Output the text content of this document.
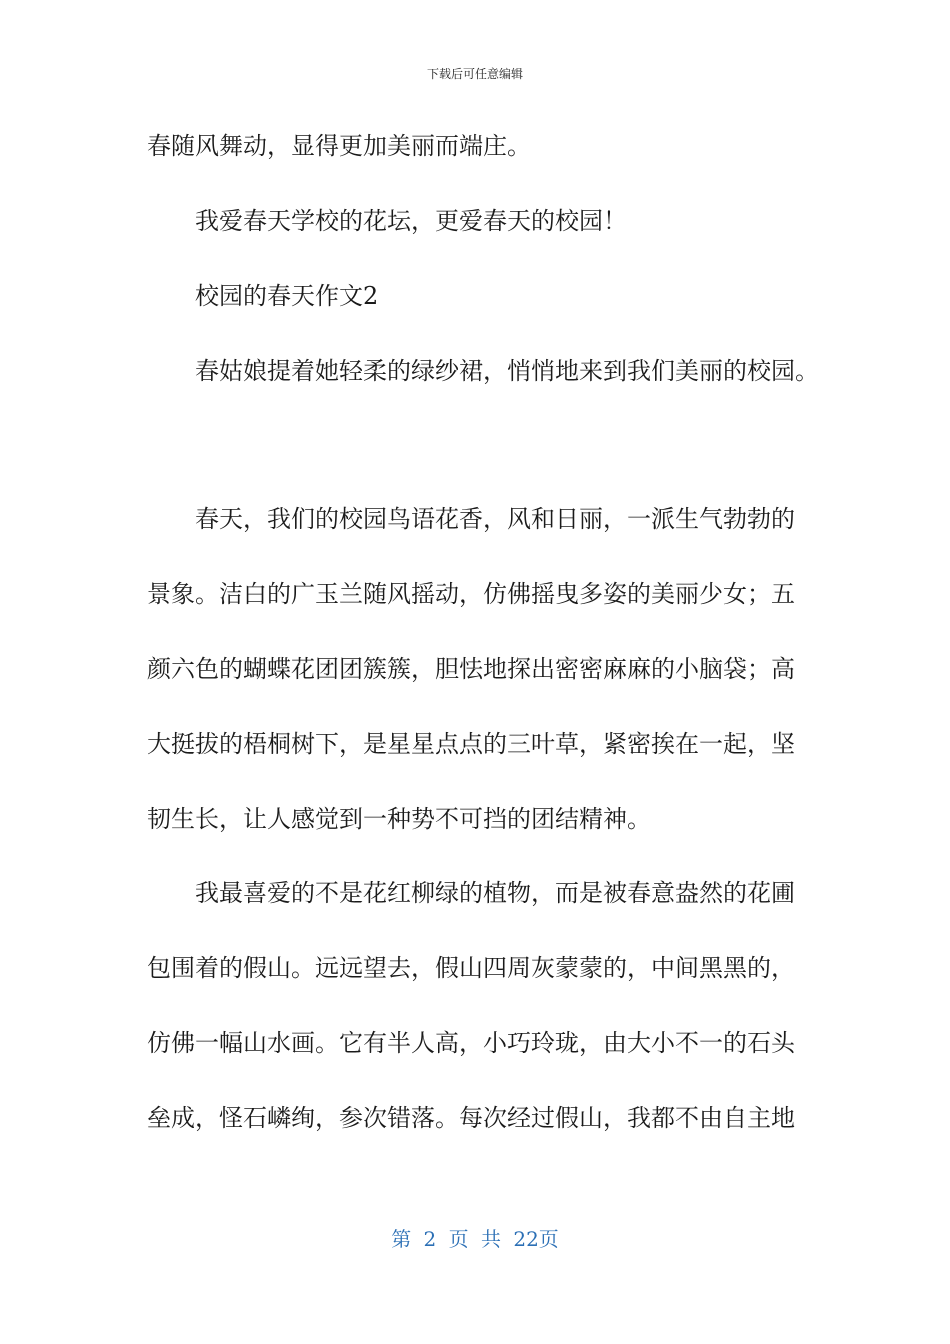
下载后可任意编辑
春随风舞动，显得更加美丽而端庄。
我爱春天学校的花坛，更爱春天的校园！
校园的春天作文2
春姑娘提着她轻柔的绿纱裙，悄悄地来到我们美丽的校园。
春天，我们的校园鸟语花香，风和日丽，一派生气勃勃的
景象。洁白的广玉兰随风摇动，仿佛摇曳多姿的美丽少女；五
颜六色的蝴蝶花团团簇簇，胆怯地探出密密麻麻的小脑袋；高
大挺拔的梧桐树下，是星星点点的三叶草，紧密挨在一起，坚
韧生长，让人感觉到一种势不可挡的团结精神。
我最喜爱的不是花红柳绿的植物，而是被春意盎然的花圃
包围着的假山。远远望去，假山四周灰蒙蒙的，中间黑黑的，
仿佛一幅山水画。它有半人高，小巧玲珑，由大小不一的石头
垒成，怪石嶙绚，参次错落。每次经过假山，我都不由自主地
第 2 页 共 22页
